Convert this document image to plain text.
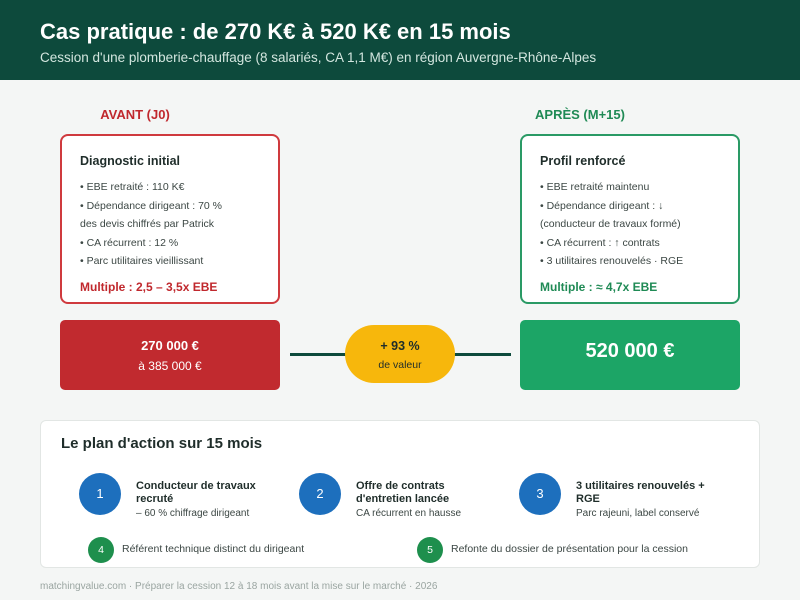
Cas pratique : de 270 K€ à 520 K€ en 15 mois

Cession d'une plomberie-chauffage (8 salariés, CA 1,1 M€) en région Auvergne-Rhône-Alpes

AVANT (J0)	APRÈS (M+15)
Diagnostic initial
• EBE retraité : 110 K€
• Dépendance dirigeant : 70 %
des devis chiffrés par Patrick
• CA récurrent : 12 %
• Parc utilitaires vieillissant
Multiple : 2,5 – 3,5x EBE
Profil renforcé
• EBE retraité maintenu
• Dépendance dirigeant : ↓
(conducteur de travaux formé)
• CA récurrent : ↑ contrats
• 3 utilitaires renouvelés · RGE
Multiple : ≈ 4,7x EBE
270 000 €
à 385 000 €
+ 93 %
de valeur
520 000 €
Le plan d'action sur 15 mois
1	Conducteur de travaux recruté
– 60 % chiffrage dirigeant
2	Offre de contrats d'entretien lancée
CA récurrent en hausse
3	3 utilitaires renouvelés + RGE
Parc rajeuni, label conservé
4	Référent technique distinct du dirigeant	5	Refonte du dossier de présentation pour la cession
matchingvalue.com · Préparer la cession 12 à 18 mois avant la mise sur le marché · 2026
